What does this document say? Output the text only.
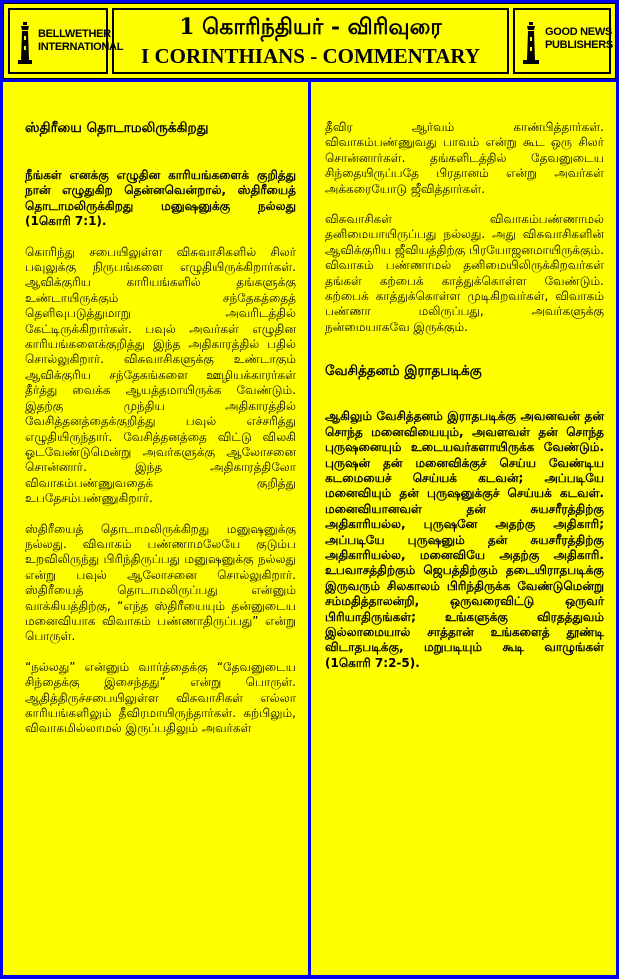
BELLWETHER INTERNATIONAL
1 கொரிந்தியர் - விரிவுரை
I CORINTHIANS - COMMENTARY
GOOD NEWS PUBLISHERS
ஸ்திரீயை தொடாமலிருக்கிறது

நீங்கள் எனக்கு எழுதின காரியங்களைக் குறித்து நான் எழுதுகிற தென்னவென்றால், ஸ்திரீயைத் தொடாமலிருக்கிறது மனுஷனுக்கு நல்லது (1கொரி 7:1).

கொரிந்து சபையிலுள்ள விசுவாசிகளில் சிலர் பவுலுக்கு நிருபங்களை எழுதியிருக்கிறார்கள். ஆவிக்குரிய காரியங்களில் தங்களுக்கு உண்டாயிருக்கும் சந்தேகத்தைத் தெளிவுபடுத்துமாறு அவரிடத்தில் கேட்டிருக்கிறார்கள். பவுல் அவர்கள் எழுதின காரியங்களைக்குறித்து இந்த அதிகாரத்தில் பதில் சொல்லுகிறார். விசுவாசிகளுக்கு உண்டாகும் ஆவிக்குரிய சந்தேகங்களை ஊழியக்காரர்கள் தீர்த்து வைக்க ஆயத்தமாயிருக்க வேண்டும். இதற்கு முந்திய அதிகாரத்தில் வேசித்தனத்தைக்குறித்து பவுல் எச்சரித்து எழுதியிருந்தார். வேசித்தனத்தை விட்டு விலகி ஓடவேண்டுமென்று அவர்களுக்கு ஆலோசனை சொன்னார். இந்த அதிகாரத்திலோ விவாகம்பண்ணுவதைக் குறித்து உபதேசம்பண்ணுகிறார்.

ஸ்திரீயைத் தொடாமலிருக்கிறது மனுஷனுக்கு நல்லது. விவாகம் பண்ணாமலேயே குடும்ப உறவிலிருந்து பிரிந்திருப்பது மனுஷனுக்கு நல்லது என்று பவுல் ஆலோசனை சொல்லுகிறார். ஸ்திரீயைத் தொடாமலிருப்பது என்னும் வாக்கியத்திற்கு, “எந்த ஸ்திரீயையும் தன்னுடைய மனைவியாக விவாகம் பண்ணாதிருப்பது” என்று பொருள்.

“நல்லது” என்னும் வார்த்தைக்கு “தேவனுடைய சிந்தைக்கு இசைந்தது” என்று பொருள். ஆதித்திருச்சபையிலுள்ள விசுவாசிகள் எல்லா காரியங்களிலும் தீவிரமாயிருந்தார்கள். கற்பிலும், விவாகமில்லாமல் இருப்பதிலும் அவர்கள்

தீவிர ஆர்வம் காண்பித்தார்கள். விவாகம்பண்ணுவது பாவம் என்று கூட ஒரு சிலர் சொன்னார்கள். தங்களிடத்தில் தேவனுடைய சிந்தையிருப்பதே பிரதானம் என்று அவர்கள் அக்கரையோடு ஜீவித்தார்கள்.

விசுவாசிகள் விவாகம்பண்ணாமல் தனிமையாயிருப்பது நல்லது. அது விசுவாசிகளின் ஆவிக்குரிய ஜீவியத்திற்கு பிரயோஜனமாயிருக்கும். விவாகம் பண்ணாமல் தனிமையிலிருக்கிறவர்கள் தங்கள் கற்பைக் காத்துக்கொள்ள வேண்டும். கற்பைக் காத்துக்கொள்ள முடிகிறவர்கள், விவாகம் பண்ணா மலிருப்பது, அவர்களுக்கு நன்மையாகவே இருக்கும்.

வேசித்தனம் இராதபடிக்கு

ஆகிலும் வேசித்தனம் இராதபடிக்கு அவனவன் தன் சொந்த மனைவியையும், அவளவள் தன் சொந்த புருஷனையும் உடையவர்களாயிருக்க வேண்டும். புருஷன் தன் மனைவிக்குச் செய்ய வேண்டிய கடமையைச் செய்யக் கடவன்; அப்படியே மனைவியும் தன் புருஷனுக்குச் செய்யக் கடவள். மனைவியானவள் தன் சுயசரீரத்திற்கு அதிகாரியல்ல, புருஷனே அதற்கு அதிகாரி; அப்படியே புருஷனும் தன் சுயசரீரத்திற்கு அதிகாரியல்ல, மனைவியே அதற்கு அதிகாரி. உபவாசத்திற்கும் ஜெபத்திற்கும் தடையிராதபடிக்கு இருவரும் சிலகாலம் பிரிந்திருக்க வேண்டுமென்று சம்மதித்தாலன்றி, ஒருவரைவிட்டு ஒருவர் பிரியாதிருங்கள்; உங்களுக்கு விரதத்துவம் இல்லாமையால் சாத்தான் உங்களைத் தூண்டி விடாதபடிக்கு, மறுபடியும் கூடி வாழுங்கள் (1கொரி 7:2-5).
